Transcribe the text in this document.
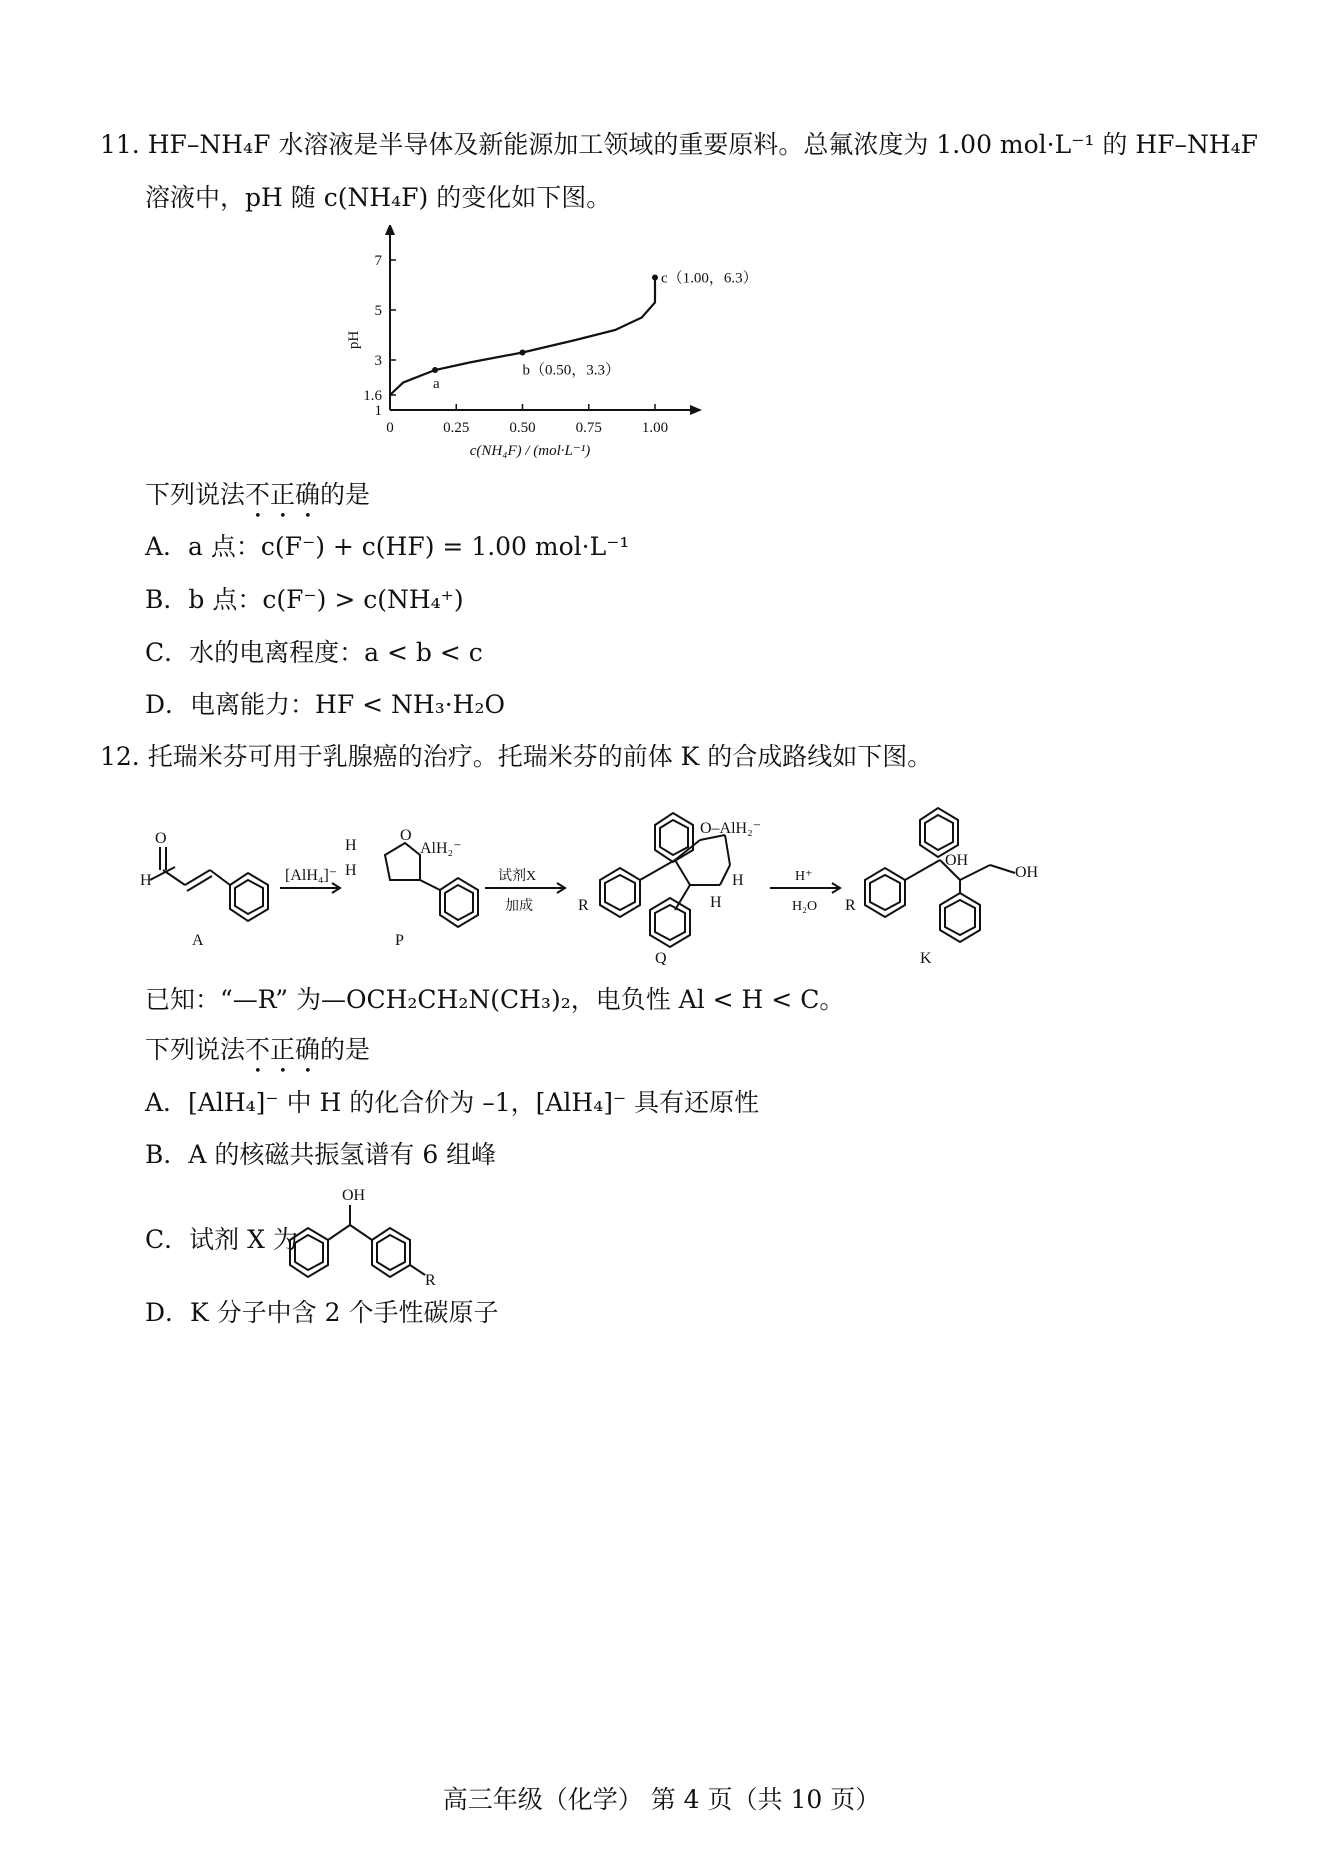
11. HF–NH₄F 水溶液是半导体及新能源加工领域的重要原料。总氟浓度为 1.00 mol·L⁻¹ 的 HF–NH₄F
溶液中，pH 随 c(NH₄F) 的变化如下图。
0	0.25	0.50	0.75	1.00
1
1.6
3
5
7
c(NH₄F) / (mol·L⁻¹)
pH
a
b（0.50，3.3）
c（1.00，6.3）
下列说法不正确的是
A．a 点：c(F⁻) + c(HF) = 1.00 mol·L⁻¹
B．b 点：c(F⁻) > c(NH₄⁺)
C．水的电离程度：a < b < c
D．电离能力：HF < NH₃·H₂O
12. 托瑞米芬可用于乳腺癌的治疗。托瑞米芬的前体 K 的合成路线如下图。
H
O
A
[AlH₄]⁻
H
H
O
AlH₂⁻
P
试剂X
加成	R
O–AlH₂⁻
H
H
Q
H⁺
H₂O R
OH
OH
K
已知：“—R” 为—OCH₂CH₂N(CH₃)₂，电负性 Al < H < C。
下列说法不正确的是
A．[AlH₄]⁻ 中 H 的化合价为 –1，[AlH₄]⁻ 具有还原性
B．A 的核磁共振氢谱有 6 组峰
C．试剂 X 为
OH
R
D．K 分子中含 2 个手性碳原子
高三年级（化学） 第 4 页（共 10 页）
